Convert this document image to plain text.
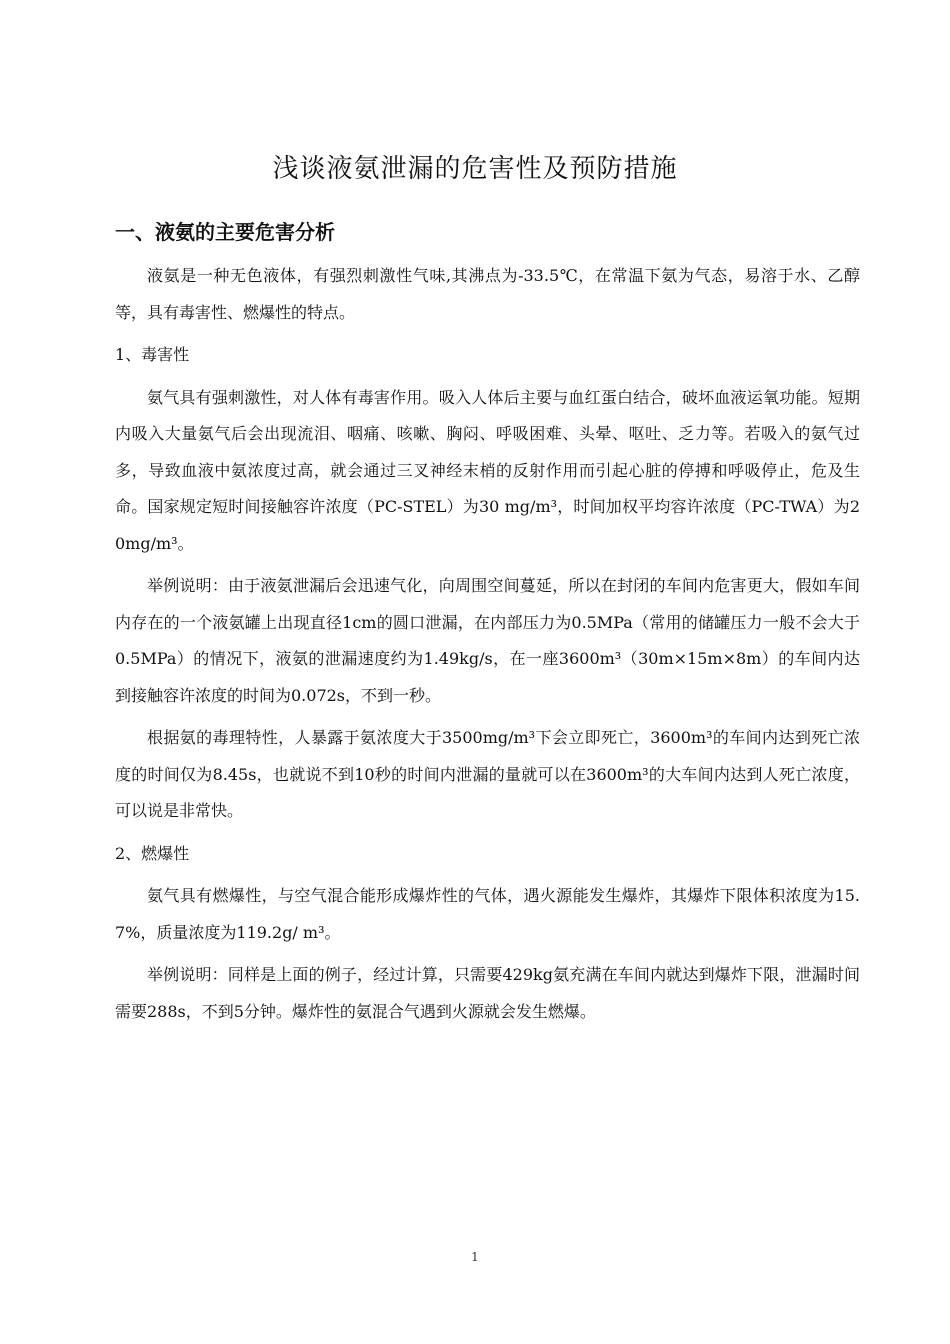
浅谈液氨泄漏的危害性及预防措施
一、液氨的主要危害分析

液氨是一种无色液体，有强烈刺激性气味,其沸点为-33.5℃，在常温下氨为气态，易溶于水、乙醇等，具有毒害性、燃爆性的特点。

1、毒害性

氨气具有强刺激性，对人体有毒害作用。吸入人体后主要与血红蛋白结合，破坏血液运氧功能。短期内吸入大量氨气后会出现流泪、咽痛、咳嗽、胸闷、呼吸困难、头晕、呕吐、乏力等。若吸入的氨气过多，导致血液中氨浓度过高，就会通过三叉神经末梢的反射作用而引起心脏的停搏和呼吸停止，危及生命。国家规定短时间接触容许浓度（PC-STEL）为30 mg/m³，时间加权平均容许浓度（PC-TWA）为20mg/m³。

举例说明：由于液氨泄漏后会迅速气化，向周围空间蔓延，所以在封闭的车间内危害更大，假如车间内存在的一个液氨罐上出现直径1cm的圆口泄漏，在内部压力为0.5MPa（常用的储罐压力一般不会大于0.5MPa）的情况下，液氨的泄漏速度约为1.49kg/s，在一座3600m³（30m×15m×8m）的车间内达到接触容许浓度的时间为0.072s，不到一秒。

根据氨的毒理特性，人暴露于氨浓度大于3500mg/m³下会立即死亡，3600m³的车间内达到死亡浓度的时间仅为8.45s，也就说不到10秒的时间内泄漏的量就可以在3600m³的大车间内达到人死亡浓度，可以说是非常快。

2、燃爆性

氨气具有燃爆性，与空气混合能形成爆炸性的气体，遇火源能发生爆炸，其爆炸下限体积浓度为15.7%，质量浓度为119.2g/ m³。

举例说明：同样是上面的例子，经过计算，只需要429kg氨充满在车间内就达到爆炸下限，泄漏时间需要288s，不到5分钟。爆炸性的氨混合气遇到火源就会发生燃爆。

1
